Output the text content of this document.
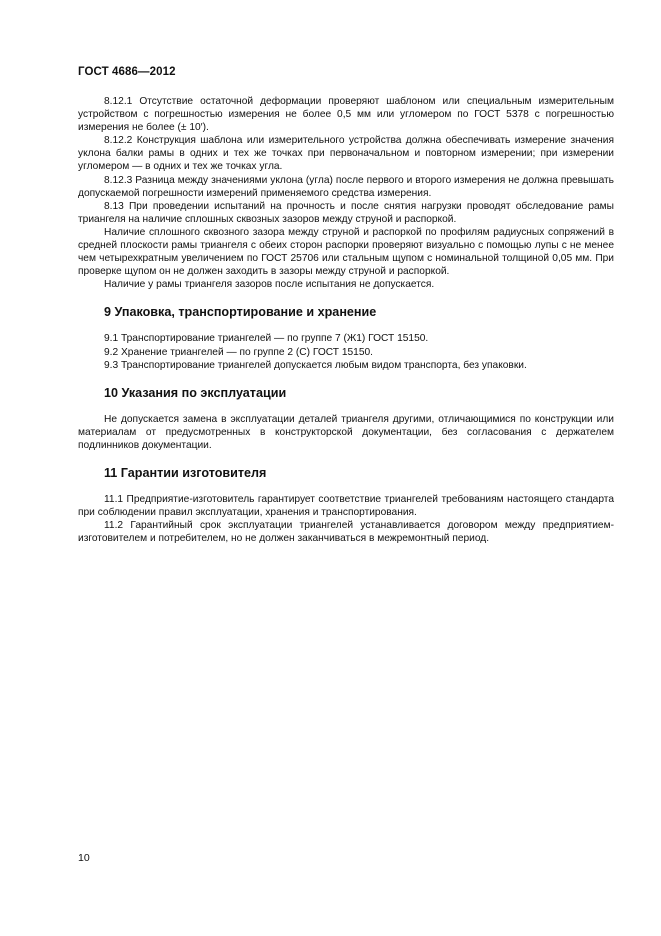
ГОСТ 4686—2012

8.12.1 Отсутствие остаточной деформации проверяют шаблоном или специальным измерительным устройством с погрешностью измерения не более 0,5 мм или угломером по ГОСТ 5378 с погрешностью измерения не более (± 10′).

8.12.2 Конструкция шаблона или измерительного устройства должна обеспечивать измерение значения уклона балки рамы в одних и тех же точках при первоначальном и повторном измерении; при измерении угломером — в одних и тех же точках угла.

8.12.3 Разница между значениями уклона (угла) после первого и второго измерения не должна превышать допускаемой погрешности измерений применяемого средства измерения.

8.13 При проведении испытаний на прочность и после снятия нагрузки проводят обследование рамы триангеля на наличие сплошных сквозных зазоров между струной и распоркой.

Наличие сплошного сквозного зазора между струной и распоркой по профилям радиусных сопряжений в средней плоскости рамы триангеля с обеих сторон распорки проверяют визуально с помощью лупы с не менее чем четырехкратным увеличением по ГОСТ 25706 или стальным щупом с номинальной толщиной 0,05 мм. При проверке щупом он не должен заходить в зазоры между струной и распоркой.

Наличие у рамы триангеля зазоров после испытания не допускается.

9 Упаковка, транспортирование и хранение

9.1 Транспортирование триангелей — по группе 7 (Ж1) ГОСТ 15150.

9.2 Хранение триангелей — по группе 2 (С) ГОСТ 15150.

9.3 Транспортирование триангелей допускается любым видом транспорта, без упаковки.

10 Указания по эксплуатации

Не допускается замена в эксплуатации деталей триангеля другими, отличающимися по конструкции или материалам от предусмотренных в конструкторской документации, без согласования с держателем подлинников документации.

11 Гарантии изготовителя

11.1 Предприятие-изготовитель гарантирует соответствие триангелей требованиям настоящего стандарта при соблюдении правил эксплуатации, хранения и транспортирования.

11.2 Гарантийный срок эксплуатации триангелей устанавливается договором между предприятием-изготовителем и потребителем, но не должен заканчиваться в межремонтный период.

10
